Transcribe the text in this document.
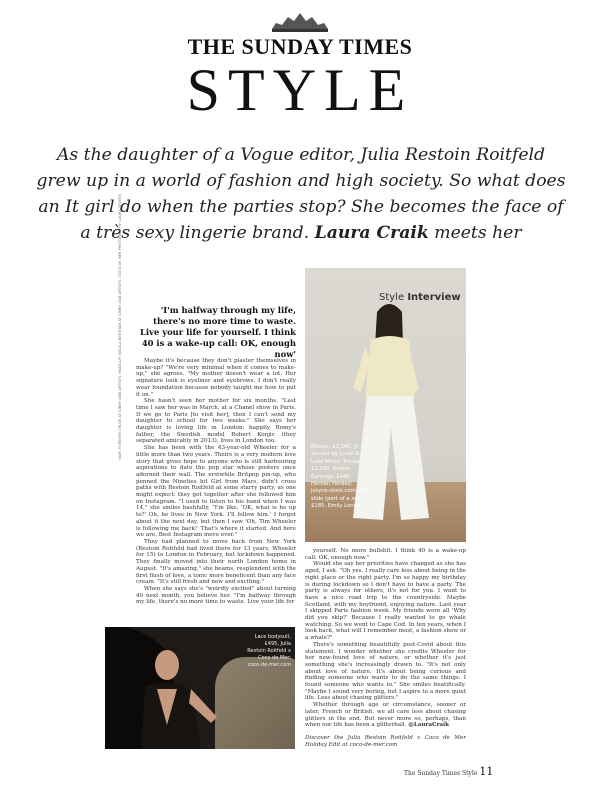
THE SUNDAY TIMES
STYLE
As the daughter of a Vogue editor, Julia Restoin Roitfeld grew up in a world of fashion and high society. So what does an It girl do when the parties stop? She becomes the face of a très sexy lingerie brand. Laura Craik meets her
Style Interview
Blouse, £1,040, Jil Sander by Lucie & Luke Meier. Trousers, £1,290, Erdem. Earrings, £440, Hernán Herdez; jeryco-store.com. Hair slide (part of a set), £185, Emily London
'I'm halfway through my life, there's no more time to waste. Live your life for yourself. I think 40 is a wake-up call: OK, enough now'
HAIR: FOREVER CHLOÉ AT GINNY AND ARTISTS. MAKE-UP: NICOLA BEETHAM AT GINNY AND ARTISTS. COCO DE MER PHOTOGRAPHY: LAURA SEVERS	Maybe it's because they don't plaster themselves in make-up? "We're very minimal when it comes to make-up," she agrees. "My mother doesn't wear a lot. Her signature look is eyeliner and eyebrows. I don't really wear foundation because nobody taught me how to put it on."

She hasn't seen her mother for six months. "Last time I saw her was in March, at a Chanel show in Paris. If we go to Paris [to visit her], then I can't send my daughter to school for two weeks." She says her daughter is loving life in London: happily, Romy's father, the Swedish model Robert Konjic (they separated amicably in 2013), lives in London too.

She has been with the 43-year-old Wheeler for a little more than two years. Theirs is a very modern love story that gives hope to anyone who is still harbouring aspirations to date the pop star whose posters once adorned their wall. The erstwhile Britpop pin-up, who penned the Nineties hit Girl from Mars, didn't cross paths with Restoin Roitfeld at some starry party, as one might expect: they got together after she followed him on Instagram. "I used to listen to his band when I was 14," she smiles bashfully. "I'm like, 'OK, what is he up to?' Oh, he lives in New York. I'll follow him.' I forgot about it the next day, but then I saw 'Oh, Tim Wheeler is following me back!' That's where it started. And here we are. Best Instagram move ever."

They had planned to move back from New York (Restoin Roitfeld had lived there for 13 years, Wheeler for 15) to London in February, but lockdown happened. They finally moved into their north London home in August. "It's amazing," she beams, resplendent with the first flush of love, a tonic more beneficent than any face cream. "It's still fresh and new and exciting."

When she says she's "weirdly excited" about turning 40 next month, you believe her. "I'm halfway through my life, there's no more time to waste. Live your life for

yourself. No more bullshit. I think 40 is a wake-up call: OK, enough now."

Would she say her priorities have changed as she has aged, I ask. "Oh yes. I really care less about being in the right place or the right party. I'm so happy my birthday is during lockdown so I don't have to have a party. The party is always for others, it's not for you. I want to have a nice road trip to the countryside. Maybe Scotland, with my boyfriend, enjoying nature. Last year I skipped Paris fashion week. My friends were all 'Why did you skip?' Because I really wanted to go whale watching. So we went to Cape Cod. In ten years, when I look back, what will I remember most, a fashion show or a whale?"

There's something beautifully post-Covid about this statement. I wonder whether she credits Wheeler for her new-found love of nature, or whether it's just something she's increasingly drawn to. "It's not only about love of nature. It's about being curious and finding someone who wants to do the same things. I found someone who wants to." She smiles beatifically. "Maybe I sound very boring, but I aspire to a more quiet life. Less about chasing glitters."

Whether through age or circumstance, sooner or later, French or British, we all care less about chasing glitters in the end. But never more so, perhaps, than when our life has been a glitterball. @LauraCraik

Discover the Julia Restoin Roitfeld x Coco de Mer Holiday Edit at coco-de-mer.com

Lace bodysuit, £495, Julia Restoin Roitfeld x Coco de Mer; coco-de-mer.com
The Sunday Times Style 11
